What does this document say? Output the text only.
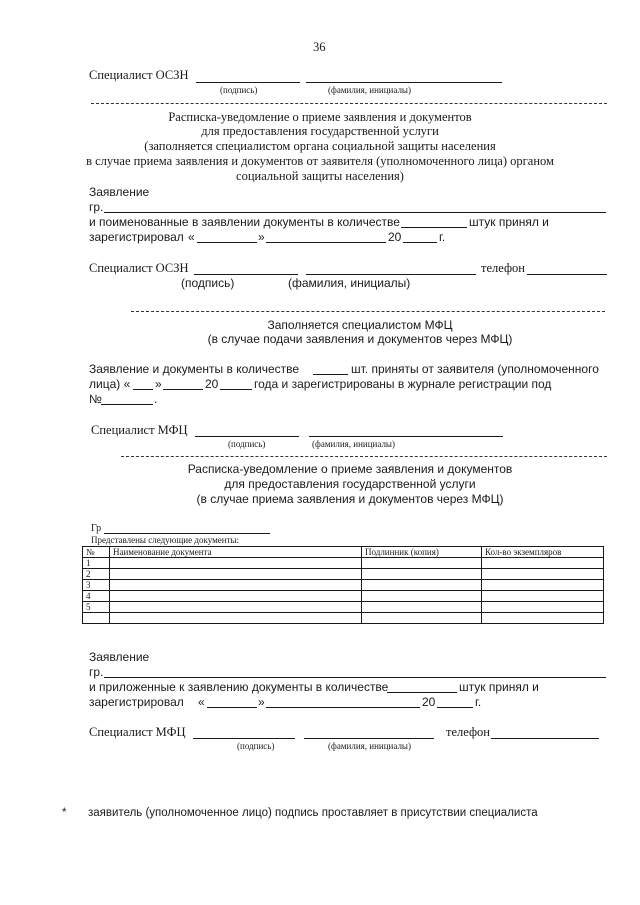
36
Специалист ОСЗН
(подпись)	(фамилия, инициалы)
Расписка-уведомление о приеме заявления и документов
для предоставления государственной услуги
(заполняется специалистом органа социальной защиты населения
в случае приема заявления и документов от заявителя (уполномоченного лица) органом
социальной защиты населения)
Заявление
гр.
и поименованные в заявлении документы в количестве	штук принял и
зарегистрировал «	»	20	г.
Специалист ОСЗН	телефон
(подпись)	(фамилия, инициалы)
Заполняется специалистом МФЦ
(в случае подачи заявления и документов через МФЦ)
Заявление и документы в количестве	шт. приняты от заявителя (уполномоченного
лица) « »	20	года и зарегистрированы в журнале регистрации под
№	.
Специалист МФЦ
(подпись)	(фамилия, инициалы)
Расписка-уведомление о приеме заявления и документов
для предоставления государственной услуги
(в случае приема заявления и документов через МФЦ)
Гр
Представлены следующие документы:
№	Наименование документа	Подлинник (копия)	Кол-во экземпляров
1			
2			
3			
4			
5			

Заявление
гр.
и приложенные к заявлению документы в количестве	штук принял и
зарегистрировал «	»	20	г.
Специалист МФЦ	телефон
(подпись)	(фамилия, инициалы)
* заявитель (уполномоченное лицо) подпись проставляет в присутствии специалиста
